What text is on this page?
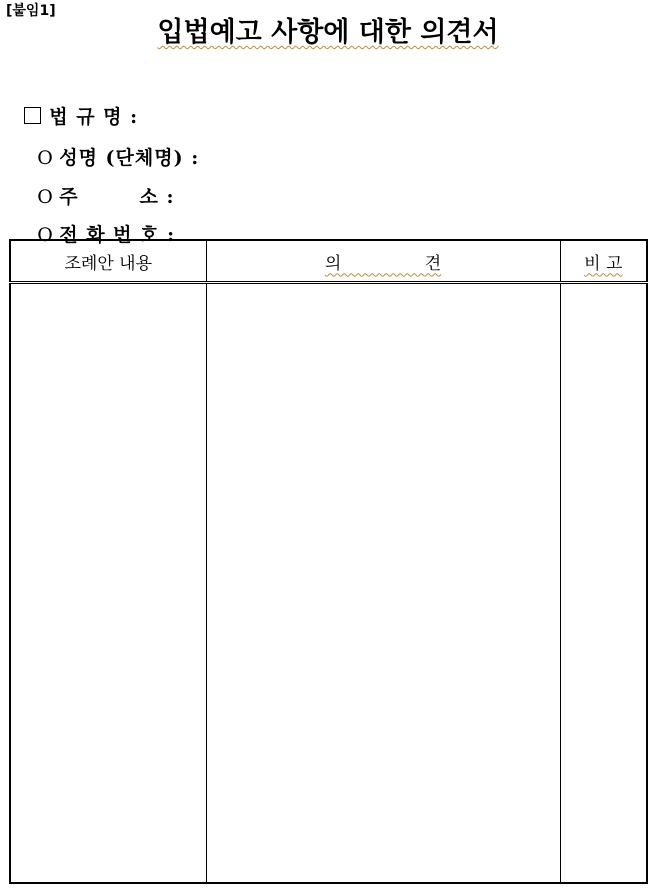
[붙임1]
입법예고 사항에 대한 의견서

법 규 명 :

O 성명 (단체명) :

O 주        소 :

O 전 화 번 호 :

조례안 내용	의 견	비 고
